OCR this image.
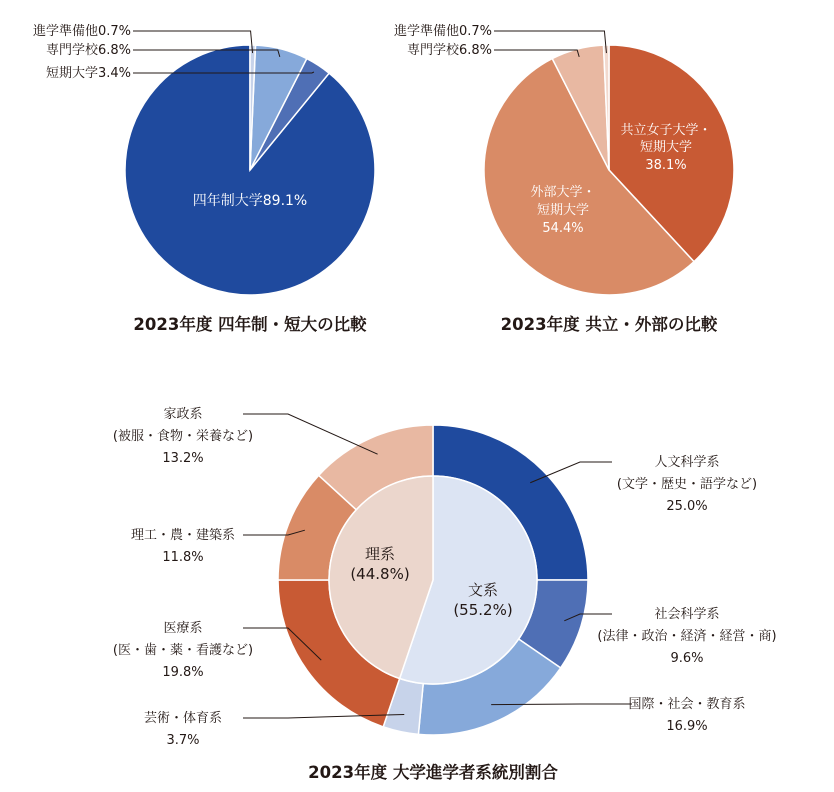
四年制大学89.1%
進学準備他0.7%
専門学校6.8%
短期大学3.4%
2023年度 四年制・短大の比較
共立女子大学・
短期大学
38.1%
外部大学・
短期大学
54.4%
進学準備他0.7%
専門学校6.8%
2023年度 共立・外部の比較
文系
(55.2%)
理系
(44.8%)
人文科学系
(文学・歴史・語学など)
25.0%
社会科学系
(法律・政治・経済・経営・商)
9.6%
国際・社会・教育系
16.9%
芸術・体育系
3.7%
医療系
(医・歯・薬・看護など)
19.8%
理工・農・建築系
11.8%
家政系
(被服・食物・栄養など)
13.2%
2023年度 大学進学者系統別割合
